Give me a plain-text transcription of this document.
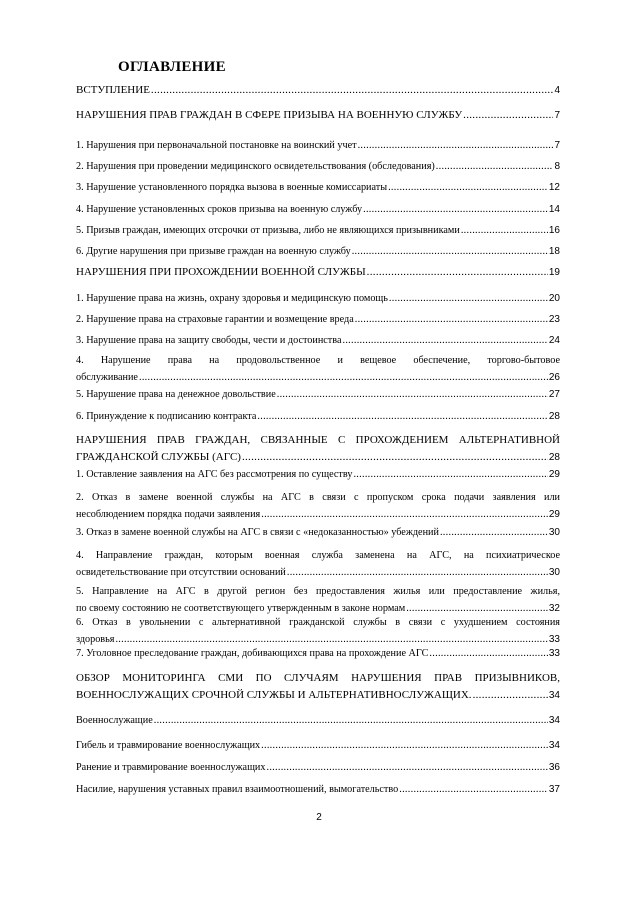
ОГЛАВЛЕНИЕ
ВСТУПЛЕНИЕ .....	4
НАРУШЕНИЯ ПРАВ ГРАЖДАН В СФЕРЕ ПРИЗЫВА НА ВОЕННУЮ СЛУЖБУ .....	7
1. Нарушения при первоначальной постановке на воинский учет .....	7
2. Нарушения при проведении медицинского освидетельствования (обследования) .....	8
3. Нарушение установленного порядка вызова в военные комиссариаты .....	12
4. Нарушение установленных сроков призыва на военную службу .....	14
5. Призыв граждан, имеющих отсрочки от призыва, либо не являющихся призывниками .....	16
6. Другие нарушения при призыве граждан на военную службу .....	18
НАРУШЕНИЯ ПРИ ПРОХОЖДЕНИИ ВОЕННОЙ СЛУЖБЫ .....	19
1. Нарушение права на жизнь, охрану здоровья и медицинскую помощь .....	20
2. Нарушение права на страховые гарантии и возмещение вреда .....	23
3. Нарушение права на защиту свободы, чести и достоинства .....	24
4. Нарушение права на продовольственное и вещевое обеспечение, торгово-бытовое
обслуживание .....	26
5. Нарушение права на денежное довольствие .....	27
6. Принуждение к подписанию контракта .....	28
НАРУШЕНИЯ ПРАВ ГРАЖДАН, СВЯЗАННЫЕ С ПРОХОЖДЕНИЕМ АЛЬТЕРНАТИВНОЙ
ГРАЖДАНСКОЙ СЛУЖБЫ (АГС) .....	28
1. Оставление заявления на АГС без рассмотрения по существу .....	29
2. Отказ в замене военной службы на АГС в связи с пропуском срока подачи заявления или
несоблюдением порядка подачи заявления .....	29
3. Отказ в замене военной службы на АГС в связи с «недоказанностью» убеждений .....	30
4. Направление граждан, которым военная служба заменена на АГС, на психиатрическое
освидетельствование при отсутствии оснований .....	30
5. Направление на АГС в другой регион без предоставления жилья или предоставление жилья,
по своему состоянию не соответствующего утвержденным в законе нормам .....	32
6. Отказ в увольнении с альтернативной гражданской службы в связи с ухудшением состояния
здоровья .....	33
7. Уголовное преследование граждан, добивающихся права на прохождение АГС .....	33
ОБЗОР МОНИТОРИНГА СМИ ПО СЛУЧАЯМ НАРУШЕНИЯ ПРАВ ПРИЗЫВНИКОВ,
ВОЕННОСЛУЖАЩИХ СРОЧНОЙ СЛУЖБЫ И АЛЬТЕРНАТИВНОСЛУЖАЩИХ. .....	34
Военнослужащие .....	34
Гибель и травмирование военнослужащих .....	34
Ранение и травмирование военнослужащих .....	36
Насилие, нарушения уставных правил взаимоотношений, вымогательство .....	37
2
